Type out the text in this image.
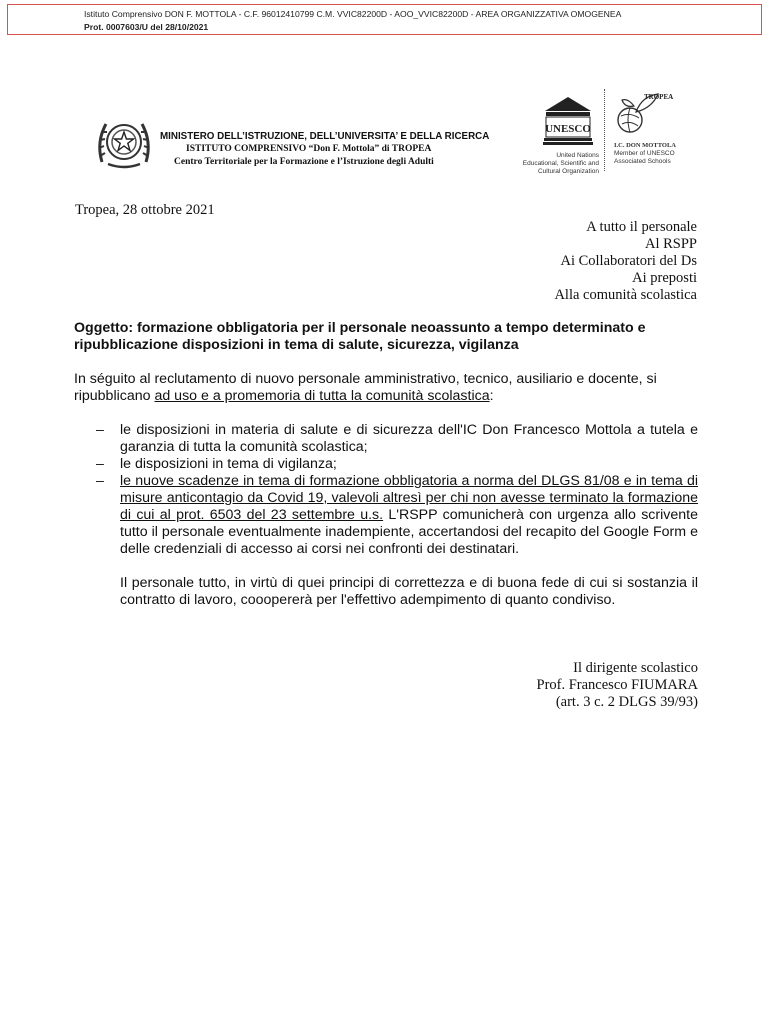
Istituto Comprensivo DON F. MOTTOLA - C.F. 96012410799 C.M. VVIC82200D - AOO_VVIC82200D - AREA ORGANIZZATIVA OMOGENEA
Prot. 0007603/U del 28/10/2021
MINISTERO DELL’ISTRUZIONE, DELL’UNIVERSITA’ E DELLA RICERCA
ISTITUTO COMPRENSIVO “Don F. Mottola” di TROPEA
Centro Territoriale per la Formazione e l’Istruzione degli Adulti
UNESCO
United Nations
Educational, Scientific and
Cultural Organization
TROPEA
I.C. DON MOTTOLA
Member of UNESCO
Associated Schools
Tropea, 28 ottobre 2021
A tutto il personale
Al RSPP
Ai Collaboratori del Ds
Ai preposti
Alla comunità scolastica
Oggetto: formazione obbligatoria per il personale neoassunto a tempo determinato e ripubblicazione disposizioni in tema di salute, sicurezza, vigilanza
In séguito al reclutamento di nuovo personale amministrativo, tecnico, ausiliario e docente, si ripubblicano ad uso e a promemoria di tutta la comunità scolastica:
– le disposizioni in materia di salute e di sicurezza dell'IC Don Francesco Mottola a tutela e garanzia di tutta la comunità scolastica;
– le disposizioni in tema di vigilanza;
– le nuove scadenze in tema di formazione obbligatoria a norma del DLGS 81/08 e in tema di misure anticontagio da Covid 19, valevoli altresì per chi non avesse terminato la formazione di cui al prot. 6503 del 23 settembre u.s. L'RSPP comunicherà con urgenza allo scrivente tutto il personale eventualmente inadempiente, accertandosi del recapito del Google Form e delle credenziali di accesso ai corsi nei confronti dei destinatari.
Il personale tutto, in virtù di quei principi di correttezza e di buona fede di cui si sostanzia il contratto di lavoro, cooopererà per l'effettivo adempimento di quanto condiviso.
Il dirigente scolastico
Prof. Francesco FIUMARA
(art. 3 c. 2 DLGS 39/93)
